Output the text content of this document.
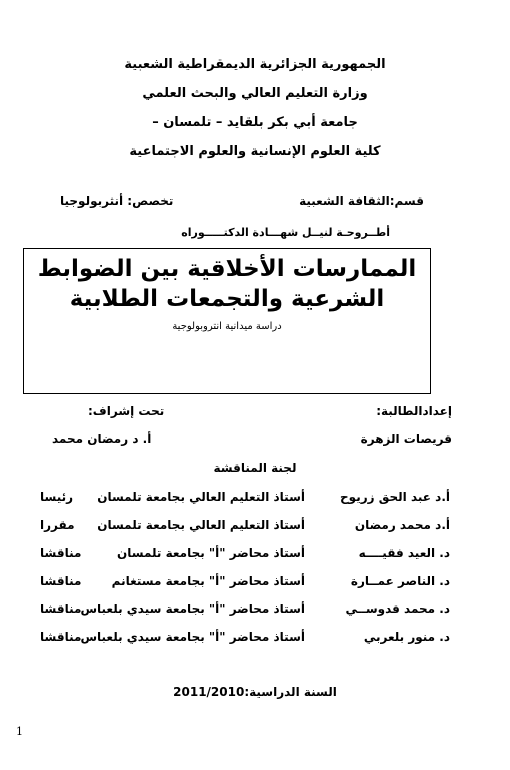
الجمهورية الجزائرية الديمقراطية الشعبية
وزارة التعليم العالي والبحث العلمي
جامعة أبي بكر بلقايد – تلمسان –
كلية العلوم الإنسانية والعلوم الاجتماعية
قسم:الثقافة الشعبية
تخصص: أنثربولوجيا
أطــروحـة لنيــل شهـــادة الدكتـــــوراه
الممارسات الأخلاقية بين الضوابط
الشرعية والتجمعات الطلابية
دراسة ميدانية انتروبولوجية
إعدادالطالبة:
تحت إشراف:
قريصات الزهرة
أ. د رمضان محمد
لجنة المناقشة
أ.د عبد الحق زريوح
أستاذ التعليم العالي بجامعة تلمسان
رئيسا
أ.د محمد رمضان
أستاذ التعليم العالي بجامعة تلمسان
مقررا
د. العيد فقيــــه
أستاذ محاضر "أ" بجامعة تلمسان
مناقشا
د. الناصر عمــارة
أستاذ محاضر "أ" بجامعة مستغانم
مناقشا
د. محمد قدوســي
أستاذ محاضر "أ" بجامعة سيدي بلعباس
مناقشا
د. منور بلعربي
أستاذ محاضر "أ" بجامعة سيدي بلعباس
مناقشا
السنة الدراسية:2011/2010
1
